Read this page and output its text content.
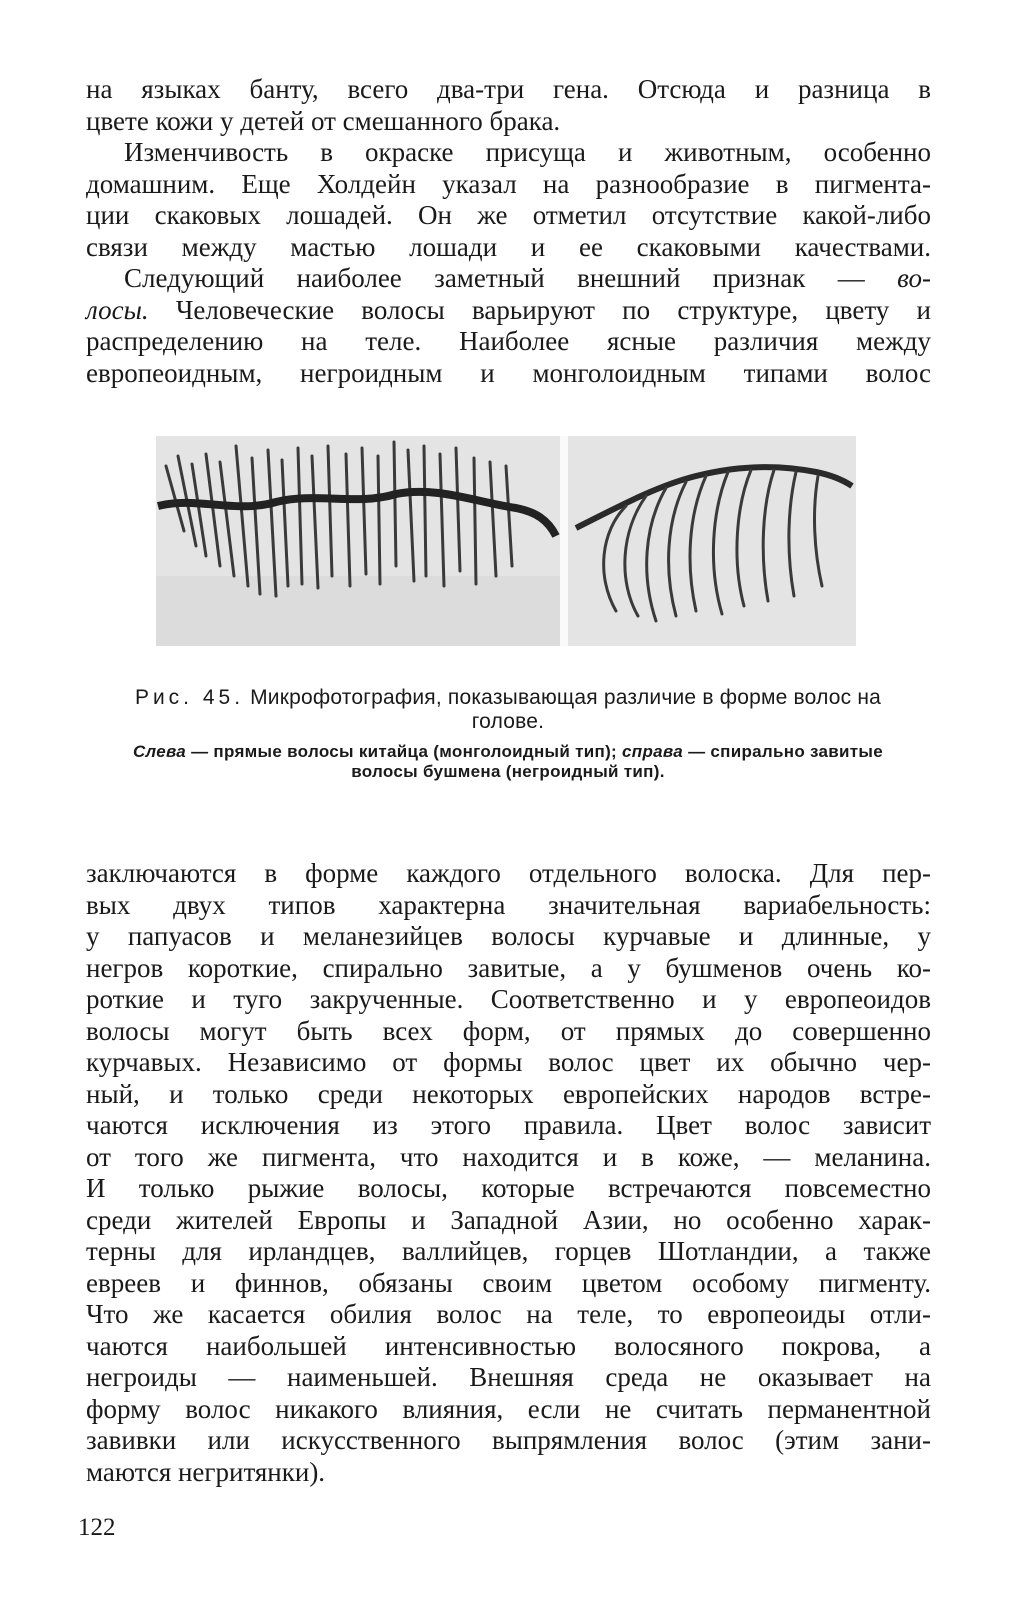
на языках банту, всего два-три гена. Отсюда и разница в
цвете кожи у детей от смешанного брака.
Изменчивость в окраске присуща и животным, особенно
домашним. Еще Холдейн указал на разнообразие в пигмента-
ции скаковых лошадей. Он же отметил отсутствие какой-либо
связи между мастью лошади и ее скаковыми качествами.
Следующий наиболее заметный внешний признак — во-
лосы. Человеческие волосы варьируют по структуре, цвету и
распределению на теле. Наиболее ясные различия между
европеоидным, негроидным и монголоидным типами волос

Рис. 45. Микрофотография, показывающая различие в форме волос на
голове.
Слева — прямые волосы китайца (монголоидный тип); справа — спирально завитые
волосы бушмена (негроидный тип).

заключаются в форме каждого отдельного волоска. Для пер-
вых двух типов характерна значительная вариабельность:
у папуасов и меланезийцев волосы курчавые и длинные, у
негров короткие, спирально завитые, а у бушменов очень ко-
роткие и туго закрученные. Соответственно и у европеоидов
волосы могут быть всех форм, от прямых до совершенно
курчавых. Независимо от формы волос цвет их обычно чер-
ный, и только среди некоторых европейских народов встре-
чаются исключения из этого правила. Цвет волос зависит
от того же пигмента, что находится и в коже, — меланина.
И только рыжие волосы, которые встречаются повсеместно
среди жителей Европы и Западной Азии, но особенно харак-
терны для ирландцев, валлийцев, горцев Шотландии, а также
евреев и финнов, обязаны своим цветом особому пигменту.
Что же касается обилия волос на теле, то европеоиды отли-
чаются наибольшей интенсивностью волосяного покрова, а
негроиды — наименьшей. Внешняя среда не оказывает на
форму волос никакого влияния, если не считать перманентной
завивки или искусственного выпрямления волос (этим зани-
маются негритянки).

122
